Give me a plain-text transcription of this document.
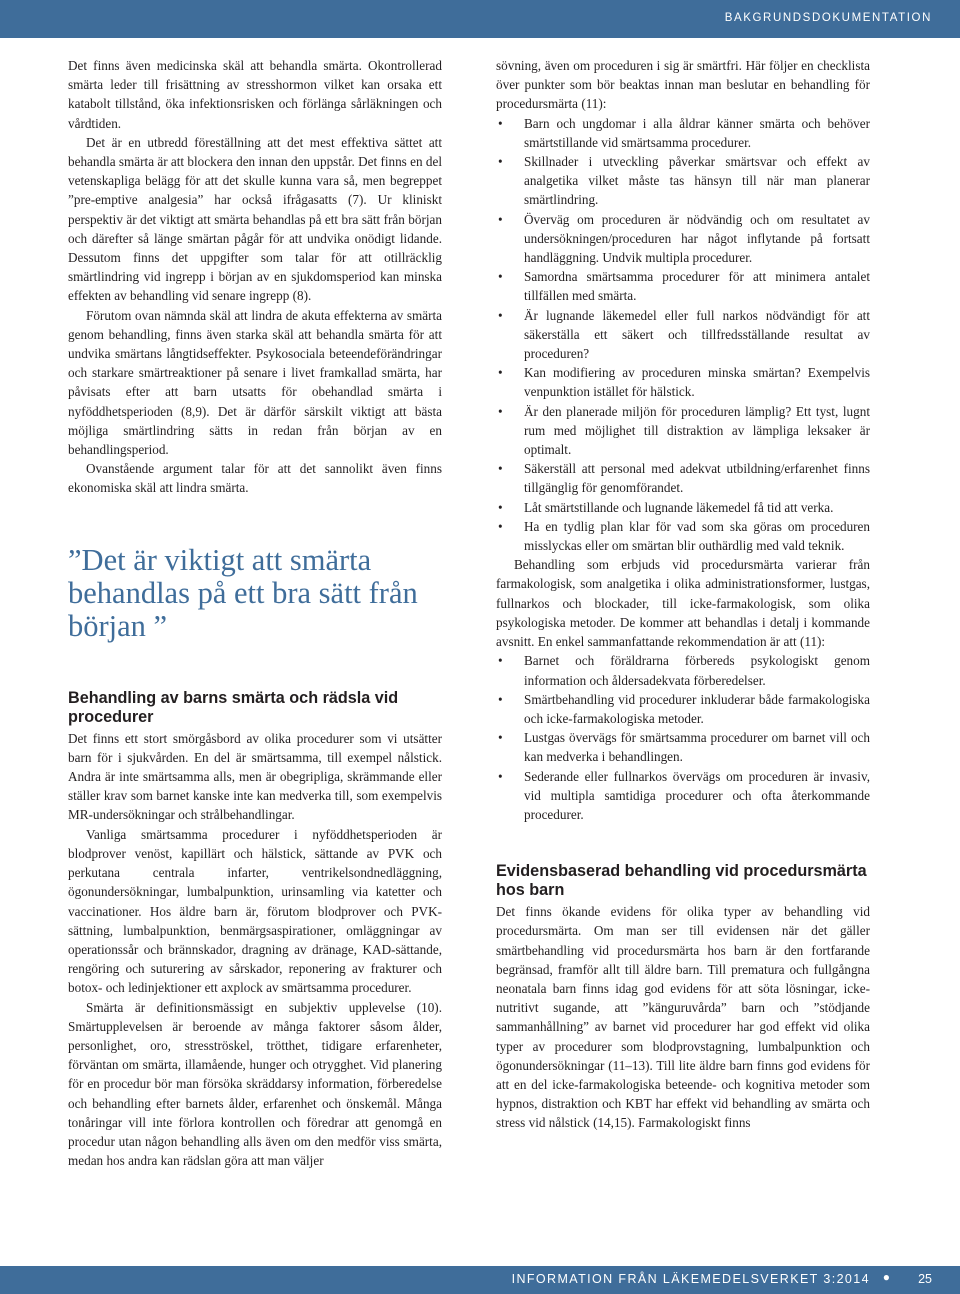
BAKGRUNDSDOKUMENTATION

Det finns även medicinska skäl att behandla smärta. Okontrollerad smärta leder till frisättning av stresshormon vilket kan orsaka ett katabolt tillstånd, öka infektionsrisken och förlänga sårläkningen och vårdtiden.

Det är en utbredd föreställning att det mest effektiva sättet att behandla smärta är att blockera den innan den uppstår. Det finns en del vetenskapliga belägg för att det skulle kunna vara så, men begreppet ”pre-emptive analgesia” har också ifrågasatts (7). Ur kliniskt perspektiv är det viktigt att smärta behandlas på ett bra sätt från början och därefter så länge smärtan pågår för att undvika onödigt lidande. Dessutom finns det uppgifter som talar för att otillräcklig smärtlindring vid ingrepp i början av en sjukdomsperiod kan minska effekten av behandling vid senare ingrepp (8).

Förutom ovan nämnda skäl att lindra de akuta effekterna av smärta genom behandling, finns även starka skäl att behandla smärta för att undvika smärtans långtidseffekter. Psykosociala beteendeförändringar och starkare smärtreaktioner på senare i livet framkallad smärta, har påvisats efter att barn utsatts för obehandlad smärta i nyföddhetsperioden (8,9). Det är därför särskilt viktigt att bästa möjliga smärtlindring sätts in redan från början av en behandlingsperiod.

Ovanstående argument talar för att det sannolikt även finns ekonomiska skäl att lindra smärta.

”Det är viktigt att smärta behandlas på ett bra sätt från början ”
Behandling av barns smärta och rädsla vid procedurer

Det finns ett stort smörgåsbord av olika procedurer som vi utsätter barn för i sjukvården. En del är smärtsamma, till exempel nålstick. Andra är inte smärtsamma alls, men är obegripliga, skrämmande eller ställer krav som barnet kanske inte kan medverka till, som exempelvis MR-undersökningar och strålbehandlingar.

Vanliga smärtsamma procedurer i nyföddhetsperioden är blodprover venöst, kapillärt och hälstick, sättande av PVK och perkutana centrala infarter, ventrikelsondnedläggning, ögonundersökningar, lumbalpunktion, urinsamling via katetter och vaccinationer. Hos äldre barn är, förutom blodprover och PVK-sättning, lumbalpunktion, benmärgsaspirationer, omläggningar av operationssår och brännskador, dragning av dränage, KAD-sättande, rengöring och suturering av sårskador, reponering av frakturer och botox- och ledinjektioner ett axplock av smärtsamma procedurer.

Smärta är definitionsmässigt en subjektiv upplevelse (10). Smärtupplevelsen är beroende av många faktorer såsom ålder, personlighet, oro, stresströskel, trötthet, tidigare erfarenheter, förväntan om smärta, illamående, hunger och otrygghet. Vid planering för en procedur bör man försöka skräddarsy information, förberedelse och behandling efter barnets ålder, erfarenhet och önskemål. Många tonåringar vill inte förlora kontrollen och föredrar att genomgå en procedur utan någon behandling alls även om den medför viss smärta, medan hos andra kan rädslan göra att man väljer

sövning, även om proceduren i sig är smärtfri. Här följer en checklista över punkter som bör beaktas innan man beslutar en behandling för procedursmärta (11):

• Barn och ungdomar i alla åldrar känner smärta och behöver smärtstillande vid smärtsamma procedurer.
• Skillnader i utveckling påverkar smärtsvar och effekt av analgetika vilket måste tas hänsyn till när man planerar smärtlindring.
• Överväg om proceduren är nödvändig och om resultatet av undersökningen/proceduren har något inflytande på fortsatt handläggning. Undvik multipla procedurer.
• Samordna smärtsamma procedurer för att minimera antalet tillfällen med smärta.
• Är lugnande läkemedel eller full narkos nödvändigt för att säkerställa ett säkert och tillfredsställande resultat av proceduren?
• Kan modifiering av proceduren minska smärtan? Exempelvis venpunktion istället för hälstick.
• Är den planerade miljön för proceduren lämplig? Ett tyst, lugnt rum med möjlighet till distraktion av lämpliga leksaker är optimalt.
• Säkerställ att personal med adekvat utbildning/erfarenhet finns tillgänglig för genomförandet.
• Låt smärtstillande och lugnande läkemedel få tid att verka.
• Ha en tydlig plan klar för vad som ska göras om proceduren misslyckas eller om smärtan blir outhärdlig med vald teknik.

Behandling som erbjuds vid procedursmärta varierar från farmakologisk, som analgetika i olika administrationsformer, lustgas, fullnarkos och blockader, till icke-farmakologisk, som olika psykologiska metoder. De kommer att behandlas i detalj i kommande avsnitt. En enkel sammanfattande rekommendation är att (11):

• Barnet och föräldrarna förbereds psykologiskt genom information och åldersadekvata förberedelser.
• Smärtbehandling vid procedurer inkluderar både farmakologiska och icke-farmakologiska metoder.
• Lustgas övervägs för smärtsamma procedurer om barnet vill och kan medverka i behandlingen.
• Sederande eller fullnarkos övervägs om proceduren är invasiv, vid multipla samtidiga procedurer och ofta återkommande procedurer.
Evidensbaserad behandling vid procedursmärta hos barn

Det finns ökande evidens för olika typer av behandling vid procedursmärta. Om man ser till evidensen när det gäller smärtbehandling vid procedursmärta hos barn är den fortfarande begränsad, framför allt till äldre barn. Till prematura och fullgångna neonatala barn finns idag god evidens för att söta lösningar, icke-nutritivt sugande, att ”känguruvårda” barn och ”stödjande sammanhållning” av barnet vid procedurer har god effekt vid olika typer av procedurer som blodprovstagning, lumbalpunktion och ögonundersökningar (11–13). Till lite äldre barn finns god evidens för att en del icke-farmakologiska beteende- och kognitiva metoder som hypnos, distraktion och KBT har effekt vid behandling av smärta och stress vid nålstick (14,15). Farmakologiskt finns

INFORMATION FRÅN LÄKEMEDELSVERKET 3:2014 ● 25
